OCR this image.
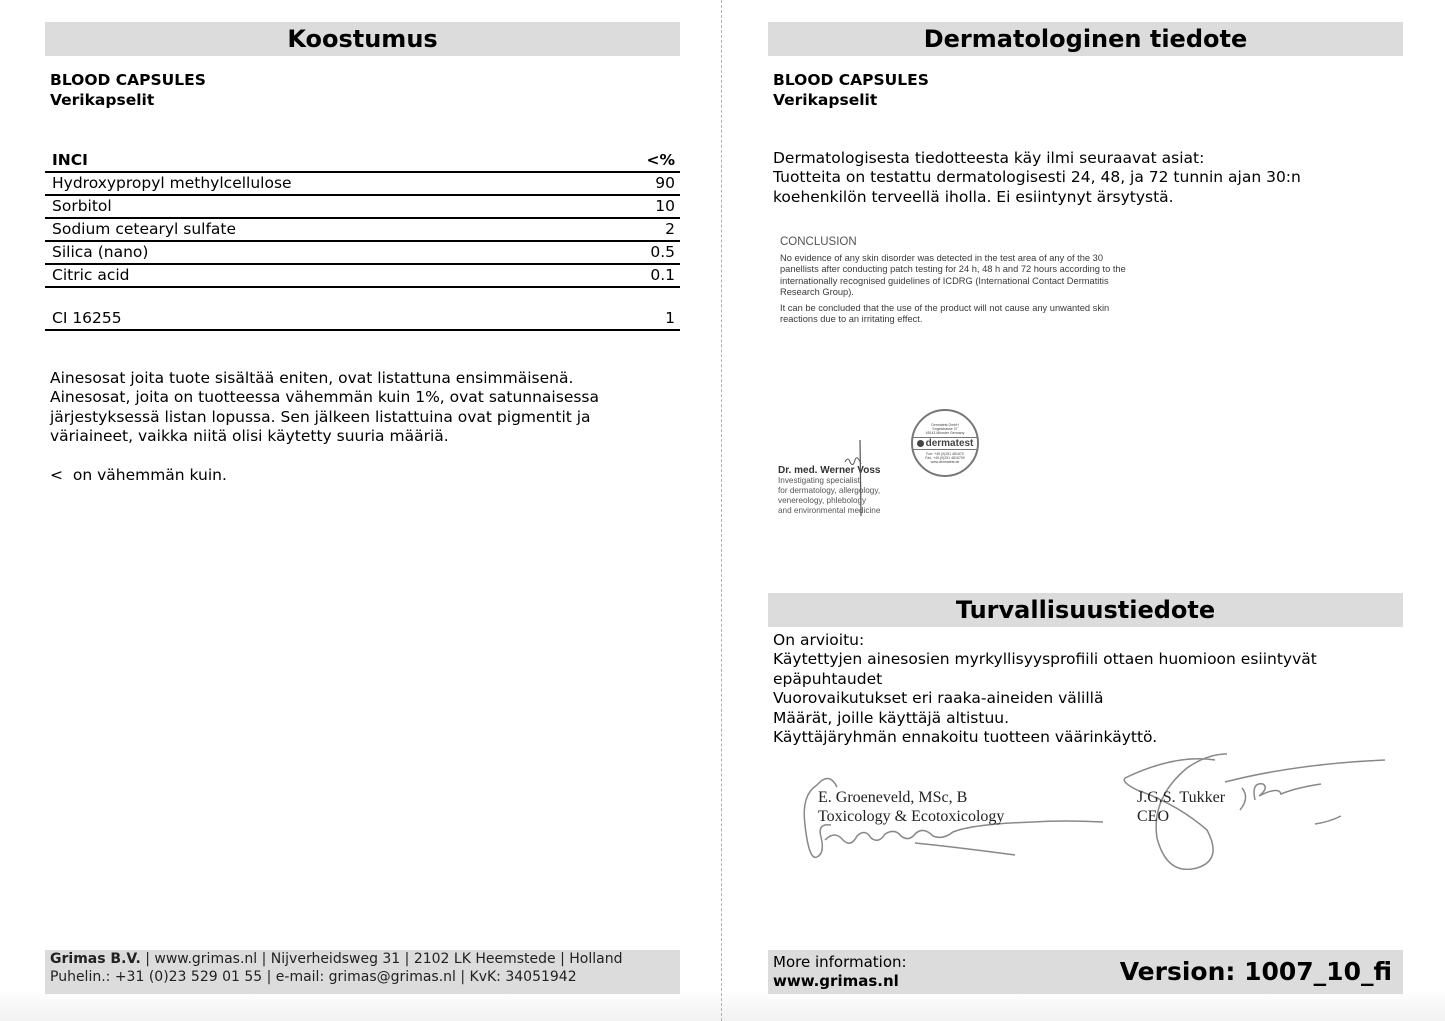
Koostumus
BLOOD CAPSULES
Verikapselit
INCI	<%
Hydroxypropyl methylcellulose	90
Sorbitol	10
Sodium cetearyl sulfate	2
Silica (nano)	0.5
Citric acid	0.1
CI 16255	1
Ainesosat joita tuote sisältää eniten, ovat listattuna ensimmäisenä.
Ainesosat, joita on tuotteessa vähemmän kuin 1%, ovat satunnaisessa
järjestyksessä listan lopussa. Sen jälkeen listattuina ovat pigmentit ja
väriaineet, vaikka niitä olisi käytetty suuria määriä.
<  on vähemmän kuin.
Grimas B.V. | www.grimas.nl | Nijverheidsweg 31 | 2102 LK Heemstede | Holland
Puhelin.: +31 (0)23 529 01 55 | e-mail: grimas@grimas.nl | KvK: 34051942
Dermatologinen tiedote
BLOOD CAPSULES
Verikapselit
Dermatologisesta tiedotteesta käy ilmi seuraavat asiat:
Tuotteita on testattu dermatologisesti 24, 48, ja 72 tunnin ajan 30:n
koehenkilön terveellä iholla. Ei esiintynyt ärsytystä.
CONCLUSION
No evidence of any skin disorder was detected in the test area of any of the 30
panellists after conducting patch testing for 24 h, 48 h and 72 hours according to the
internationally recognised guidelines of ICDRG (International Contact Dermatitis
Research Group).
It can be concluded that the use of the product will not cause any unwanted skin
reactions due to an irritating effect.
Dr. med. Werner Voss
Investigating specialist
for dermatology, allergology,
venereology, phlebology
and environmental medicine
Dermatest GmbH
Engelstrasse 37
48143 Münster Germany
dermatest
Fon: +49 (0)251 481670
Fax: +49 (0)251 4816799
www.dermatest.de
Turvallisuustiedote
On arvioitu:
Käytettyjen ainesosien myrkyllisyysprofiili ottaen huomioon esiintyvät
epäpuhtaudet
Vuorovaikutukset eri raaka-aineiden välillä
Määrät, joille käyttäjä altistuu.
Käyttäjäryhmän ennakoitu tuotteen väärinkäyttö.
E. Groeneveld, MSc, B
Toxicology & Ecotoxicology
J.G.S. Tukker
CEO
More information:
www.grimas.nl	Version: 1007_10_fi
